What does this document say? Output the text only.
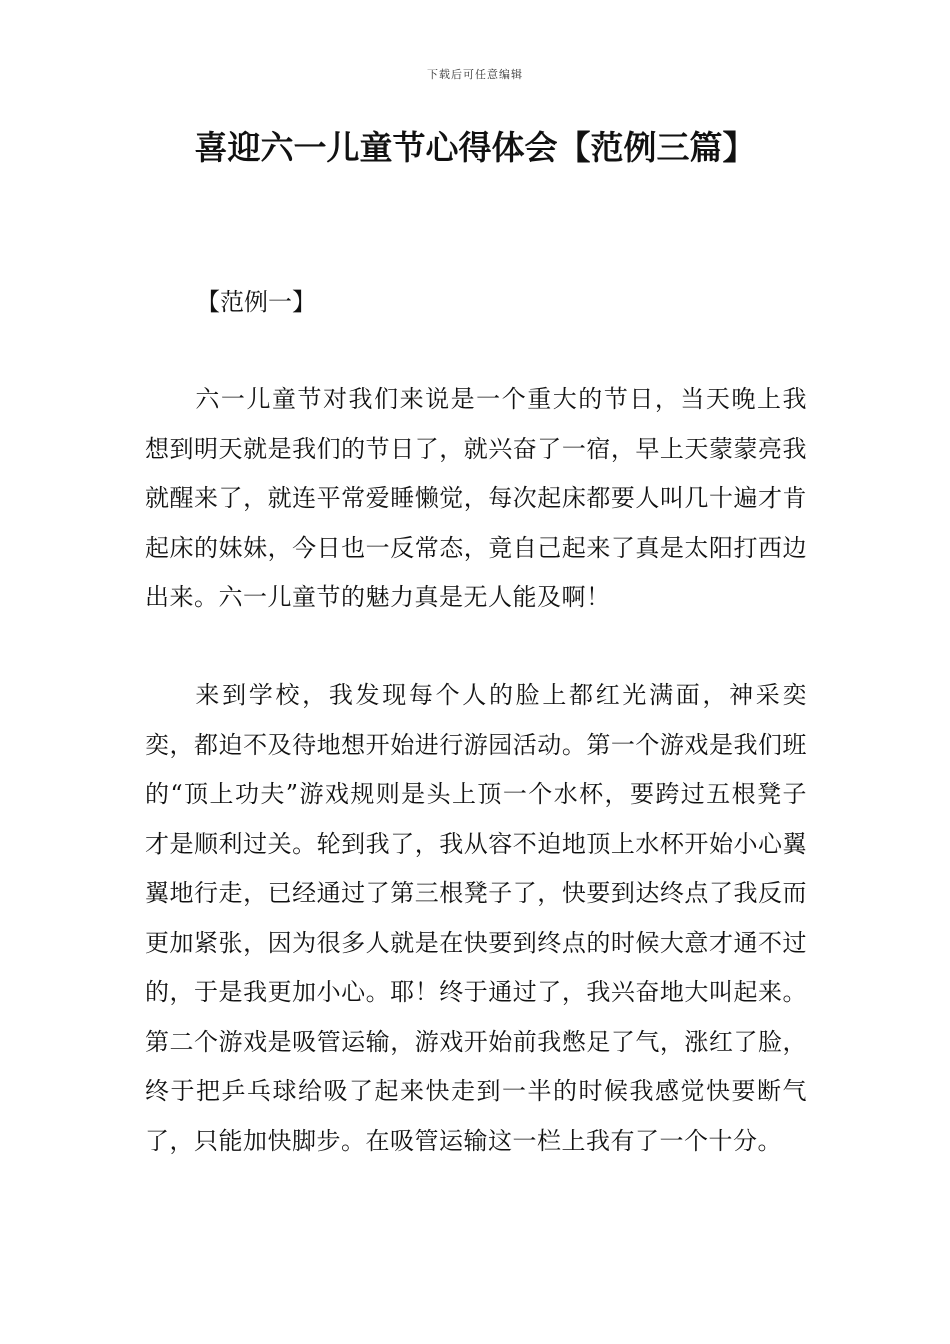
下载后可任意编辑
喜迎六一儿童节心得体会【范例三篇】
【范例一】

六一儿童节对我们来说是一个重大的节日，当天晚上我想到明天就是我们的节日了，就兴奋了一宿，早上天蒙蒙亮我就醒来了，就连平常爱睡懒觉，每次起床都要人叫几十遍才肯起床的妹妹，今日也一反常态，竟自己起来了真是太阳打西边出来。六一儿童节的魅力真是无人能及啊！

来到学校，我发现每个人的脸上都红光满面，神采奕奕，都迫不及待地想开始进行游园活动。第一个游戏是我们班的“顶上功夫”游戏规则是头上顶一个水杯，要跨过五根凳子才是顺利过关。轮到我了，我从容不迫地顶上水杯开始小心翼翼地行走，已经通过了第三根凳子了，快要到达终点了我反而更加紧张，因为很多人就是在快要到终点的时候大意才通不过的，于是我更加小心。耶！终于通过了，我兴奋地大叫起来。第二个游戏是吸管运输，游戏开始前我憋足了气，涨红了脸，终于把乒乓球给吸了起来快走到一半的时候我感觉快要断气了，只能加快脚步。在吸管运输这一栏上我有了一个十分。
